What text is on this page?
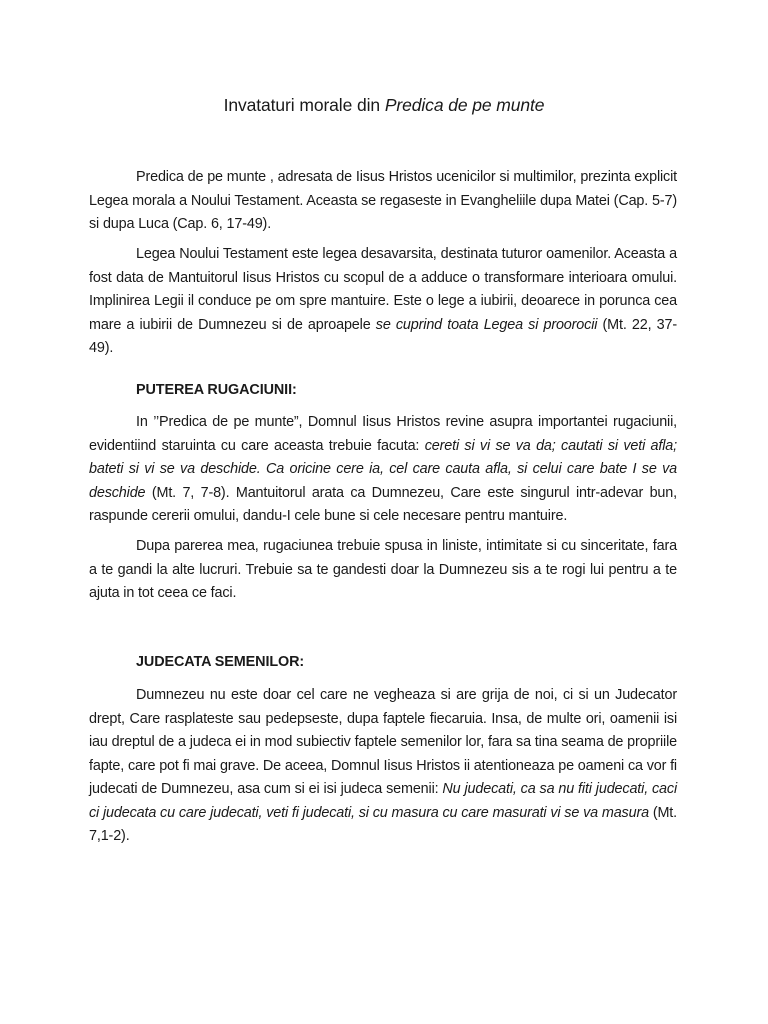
Invataturi morale din Predica de pe munte

Predica de pe munte , adresata de Iisus Hristos ucenicilor si multimilor, prezinta explicit Legea morala a Noului Testament. Aceasta se regaseste in Evangheliile dupa Matei (Cap. 5-7) si dupa Luca (Cap. 6, 17-49).

Legea Noului Testament este legea desavarsita, destinata tuturor oamenilor. Aceasta a fost data de Mantuitorul Iisus Hristos cu scopul de a adduce o transformare interioara omului. Implinirea Legii il conduce pe om spre mantuire. Este o lege a iubirii, deoarece in porunca cea mare a iubirii de Dumnezeu si de aproapele se cuprind toata Legea si proorocii (Mt. 22, 37-49).

PUTEREA RUGACIUNII:

In ’’Predica de pe munte”, Domnul Iisus Hristos revine asupra importantei rugaciunii, evidentiind staruinta cu care aceasta trebuie facuta: cereti si vi se va da; cautati si veti afla; bateti si vi se va deschide. Ca oricine cere ia, cel care cauta afla, si celui care bate I se va deschide (Mt. 7, 7-8). Mantuitorul arata ca Dumnezeu, Care este singurul intr-adevar bun, raspunde cererii omului, dandu-I cele bune si cele necesare pentru mantuire.

Dupa parerea mea, rugaciunea trebuie spusa in liniste, intimitate si cu sinceritate, fara a te gandi la alte lucruri. Trebuie sa te gandesti doar la Dumnezeu sis a te rogi lui pentru a te ajuta in tot ceea ce faci.

JUDECATA SEMENILOR:

Dumnezeu nu este doar cel care ne vegheaza si are grija de noi, ci si un Judecator drept, Care rasplateste sau pedepseste, dupa faptele fiecaruia. Insa, de multe ori, oamenii isi iau dreptul de a judeca ei in mod subiectiv faptele semenilor lor, fara sa tina seama de propriile fapte, care pot fi mai grave. De aceea, Domnul Iisus Hristos ii atentioneaza pe oameni ca vor fi judecati de Dumnezeu, asa cum si ei isi judeca semenii: Nu judecati, ca sa nu fiti judecati, caci ci judecata cu care judecati, veti fi judecati, si cu masura cu care masurati vi se va masura (Mt. 7,1-2).
